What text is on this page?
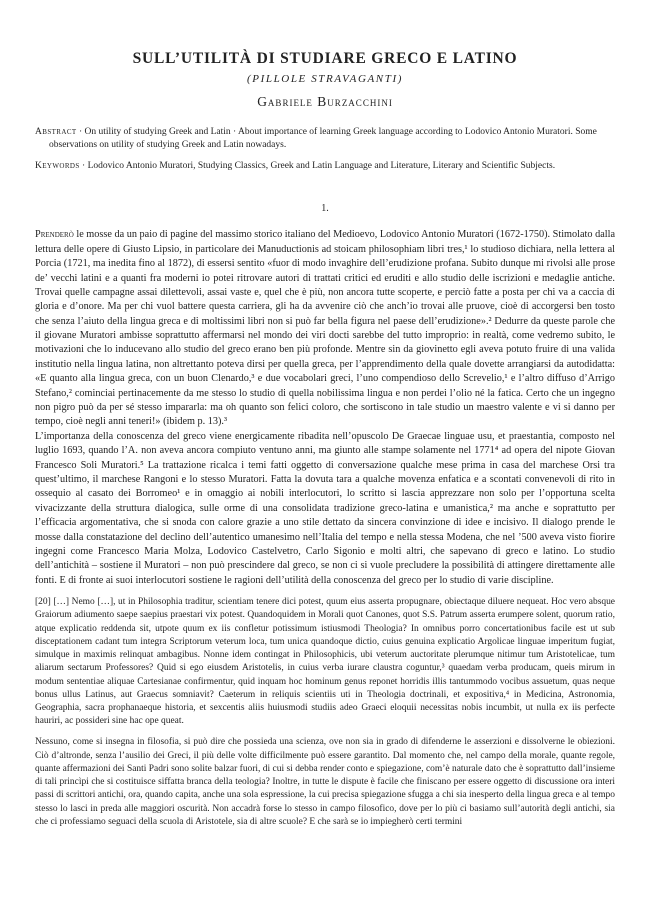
SULL’UTILITÀ DI STUDIARE GRECO E LATINO

(PILLOLE STRAVAGANTI)

Gabriele Burzacchini

Abstract · On utility of studying Greek and Latin · About importance of learning Greek language according to Lodovico Antonio Muratori. Some observations on utility of studying Greek and Latin nowadays.

Keywords · Lodovico Antonio Muratori, Studying Classics, Greek and Latin Language and Literature, Literary and Scientific Subjects.

1.

Prenderò le mosse da un paio di pagine del massimo storico italiano del Medioevo, Lodovico Antonio Muratori (1672-1750). Stimolato dalla lettura delle opere di Giusto Lipsio, in particolare dei Manuductionis ad stoicam philosophiam libri tres,¹ lo studioso dichiara, nella lettera al Porcia (1721, ma inedita fino al 1872), di essersi sentito «fuor di modo invaghire dell’erudizione profana. Subito dunque mi rivolsi alle prose de’ vecchi latini e a quanti fra moderni io potei ritrovare autori di trattati critici ed eruditi e allo studio delle iscrizioni e medaglie antiche. Trovai quelle campagne assai dilettevoli, assai vaste e, quel che è più, non ancora tutte scoperte, e perciò fatte a posta per chi va a caccia di gloria e d’onore. Ma per chi vuol battere questa carriera, gli ha da avvenire ciò che anch’io trovai alle pruove, cioè di accorgersi ben tosto che senza l’aiuto della lingua greca e di moltissimi libri non si può far bella figura nel paese dell’erudizione».² Dedurre da queste parole che il giovane Muratori ambisse soprattutto affermarsi nel mondo dei viri docti sarebbe del tutto improprio: in realtà, come vedremo subito, le motivazioni che lo inducevano allo studio del greco erano ben più profonde. Mentre sin da giovinetto egli aveva potuto fruire di una valida institutio nella lingua latina, non altrettanto poteva dirsi per quella greca, per l’apprendimento della quale dovette arrangiarsi da autodidatta: «E quanto alla lingua greca, con un buon Clenardo,³ e due vocabolari greci, l’uno compendioso dello Screvelio,¹ e l’altro diffuso d’Arrigo Stefano,² cominciai pertinacemente da me stesso lo studio di quella nobilissima lingua e non perdei l’olio né la fatica. Certo che un ingegno non pigro può da per sé stesso impararla: ma oh quanto son felici coloro, che sortiscono in tale studio un maestro valente e vi si danno per tempo, cioè negli anni teneri!» (ibidem p. 13).³

L’importanza della conoscenza del greco viene energicamente ribadita nell’opuscolo De Graecae linguae usu, et praestantia, composto nel luglio 1693, quando l’A. non aveva ancora compiuto ventuno anni, ma giunto alle stampe solamente nel 1771⁴ ad opera del nipote Giovan Francesco Soli Muratori.⁵ La trattazione ricalca i temi fatti oggetto di conversazione qualche mese prima in casa del marchese Orsi tra quest’ultimo, il marchese Rangoni e lo stesso Muratori. Fatta la dovuta tara a qualche movenza enfatica e a scontati convenevoli di rito in ossequio al casato dei Borromeo¹ e in omaggio ai nobili interlocutori, lo scritto si lascia apprezzare non solo per l’opportuna scelta vivacizzante della struttura dialogica, sulle orme di una consolidata tradizione greco-latina e umanistica,² ma anche e soprattutto per l’efficacia argomentativa, che si snoda con calore grazie a uno stile dettato da sincera convinzione di idee e incisivo. Il dialogo prende le mosse dalla constatazione del declino dell’autentico umanesimo nell’Italia del tempo e nella stessa Modena, che nel ’500 aveva visto fiorire ingegni come Francesco Maria Molza, Lodovico Castelvetro, Carlo Sigonio e molti altri, che sapevano di greco e latino. Lo studio dell’antichità – sostiene il Muratori – non può prescindere dal greco, se non ci si vuole precludere la possibilità di attingere direttamente alle fonti. E di fronte ai suoi interlocutori sostiene le ragioni dell’utilità della conoscenza del greco per lo studio di varie discipline.

[20] […] Nemo […], ut in Philosophia traditur, scientiam tenere dici potest, quum eius asserta propugnare, obiectaque diluere nequeat. Hoc vero absque Graiorum adiumento saepe saepius praestari vix potest. Quandoquidem in Morali quot Canones, quot S.S. Patrum asserta erumpere solent, quorum ratio, atque explicatio reddenda sit, utpote quum ex iis confletur potissimum istiusmodi Theologia? In omnibus porro concertationibus facile est ut sub disceptationem cadant tum integra Scriptorum veterum loca, tum unica quandoque dictio, cuius genuina explicatio Argolicae linguae imperitum fugiat, simulque in maximis relinquat ambagibus. Nonne idem contingat in Philosophicis, ubi veterum auctoritate plerumque nitimur tum Aristotelicae, tum aliarum sectarum Professores? Quid si ego eiusdem Aristotelis, in cuius verba iurare claustra coguntur,³ quaedam verba producam, queis mirum in modum sententiae aliquae Cartesianae confirmentur, quid inquam hoc hominum genus reponet horridis illis tantummodo vocibus assuetum, quas neque bonus ullus Latinus, aut Graecus somniavit? Caeterum in reliquis scientiis uti in Theologia doctrinali, et expositiva,⁴ in Medicina, Astronomia, Geographia, sacra prophanaeque historia, et sexcentis aliis huiusmodi studiis adeo Graeci eloquii necessitas nobis incumbit, ut nulla ex iis perfecte hauriri, ac possideri sine hac ope queat.

Nessuno, come si insegna in filosofia, si può dire che possieda una scienza, ove non sia in grado di difenderne le asserzioni e dissolverne le obiezioni. Ciò d’altronde, senza l’ausilio dei Greci, il più delle volte difficilmente può essere garantito. Dal momento che, nel campo della morale, quante regole, quante affermazioni dei Santi Padri sono solite balzar fuori, di cui si debba render conto e spiegazione, com’è naturale dato che è soprattutto dall’insieme di tali princìpi che si costituisce siffatta branca della teologia? Inoltre, in tutte le dispute è facile che finiscano per essere oggetto di discussione ora interi passi di scrittori antichi, ora, quando capita, anche una sola espressione, la cui precisa spiegazione sfugga a chi sia inesperto della lingua greca e al tempo stesso lo lasci in preda alle maggiori oscurità. Non accadrà forse lo stesso in campo filosofico, dove per lo più ci basiamo sull’autorità degli antichi, sia che ci professiamo seguaci della scuola di Aristotele, sia di altre scuole? E che sarà se io impiegherò certi termini
